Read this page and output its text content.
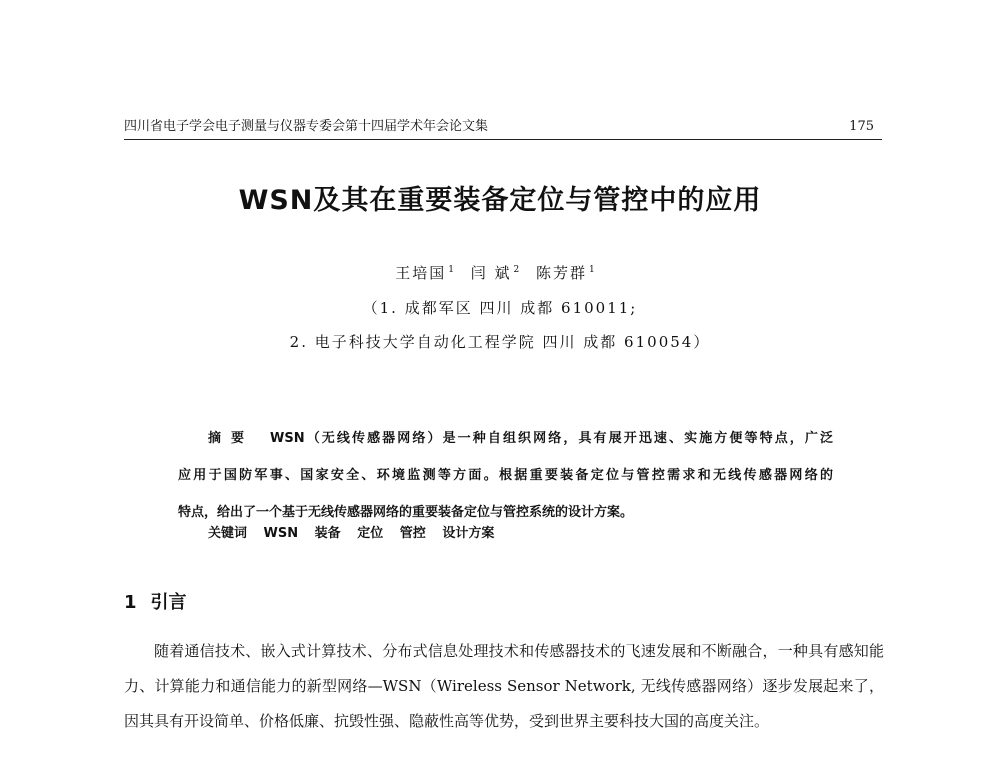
四川省电子学会电子测量与仪器专委会第十四届学术年会论文集	175
WSN及其在重要装备定位与管控中的应用
王培国 $^1$ 闫 斌 $^2$ 陈芳群 $^1$
（1. 成都军区 四川 成都 610011;
2. 电子科技大学自动化工程学院 四川 成都 610054）

摘要 WSN（无线传感器网络）是一种自组织网络，具有展开迅速、实施方便等特点，广泛

应用于国防军事、国家安全、环境监测等方面。根据重要装备定位与管控需求和无线传感器网络的

特点，给出了一个基于无线传感器网络的重要装备定位与管控系统的设计方案。

关键词 WSN 装备 定位 管控 设计方案
1 引言

随着通信技术、嵌入式计算技术、分布式信息处理技术和传感器技术的飞速发展和不断融合，一种具有感知能力、计算能力和通信能力的新型网络—WSN（Wireless Sensor Network, 无线传感器网络）逐步发展起来了，因其具有开设简单、价格低廉、抗毁性强、隐蔽性高等优势，受到世界主要科技大国的高度关注。
